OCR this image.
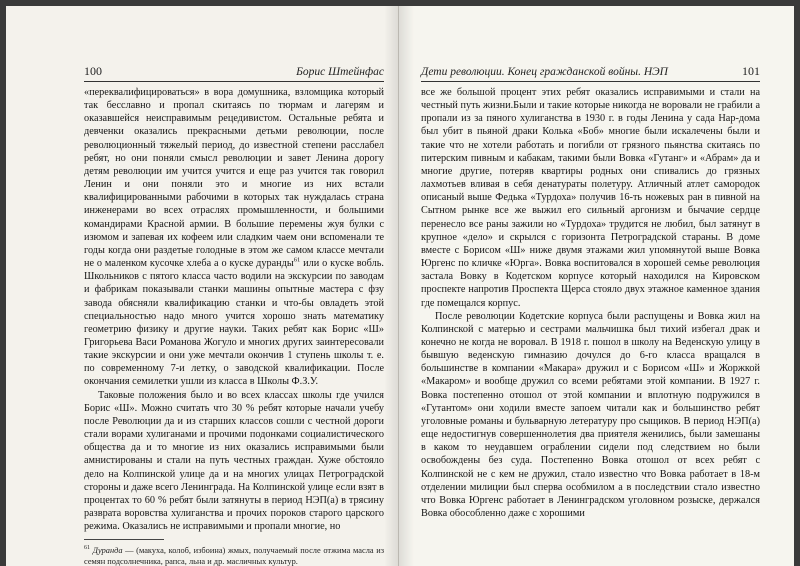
100	Борис Штейнфас

«переквалифицироваться» в вора домушника, взломщика который так бесславно и пропал скитаясь по тюрмам и лагерям и оказавшейся неисправимым рецедивистом. Остальные ребята и девченки оказались прекрасными детьми революции, после революционный тяжелый период, до известной степени расслабел ребят, но они поняли смысл революции и завет Ленина дорогу детям революции им учится учится и еще раз учится так говорил Ленин и они поняли это и многие из них встали квалифицированными рабочими в которых так нуждалась страна инженерами во всех отраслях промышленности, и большими командирами Красной армии. В большие перемены жуя булки с изюмом и запевая их кофеем или сладким чаем они вспоменали те годы когда они раздетые голодные в этом же самом классе мечтали не о маленком кусочке хлеба а о куске дуранды$^{61}$ или о куске вобль. Школьников с пятого класса часто водили на экскурсии по заводам и фабрикам показывали станки машины опытные мастера с фзу завода обясняли квалификацию станки и что-бы овладеть этой специальностью надо много учится хорошо знать математику геометрию физику и другие науки. Таких ребят как Борис «Ш» Григорьева Васи Романова Жогуло и многих других заинтересовали такие экскурсии и они уже мечтали окончив 1 ступень школы т. е. по современному 7-и летку, о заводской квалификации. После окончания семилетки ушли из класса в Школы Ф.З.У.

Таковые положения было и во всех классах школы где учился Борис «Ш». Можно считать что 30 % ребят которые начали учебу после Революции да и из старших классов сошли с честной дороги стали ворами хулиганами и прочими подонками социалистического общества да и то многие из них оказались исправимыми были амнистированы и стали на путь честных граждан. Хуже обстояло дело на Колпинской улице да и на многих улицах Петроградской стороны и даже всего Ленинграда. На Колпинской улице если взят в процентах то 60 % ребят были затянуты в период НЭП(а) в трясину разврата воровства хулиганства и прочих пороков старого царского режима. Оказались не исправимыми и пропали многие, но

$^{61}$ Дуранда — (макуха, колоб, избоина) жмых, получаемый после отжима масла из семян подсолнечника, рапса, льна и др. масличных культур.
Дети революции. Конец гражданской войны. НЭП	101

все же большой процент этих ребят оказались исправимыми и стали на честный путь жизни.Были и такие которые никогда не воровали не грабили а пропали из за пяного хулиганства в 1930 г. в годы Ленина у сада Нар-дома был убит в пьяной драки Колька «Боб» многие были искалечены были и такие что не хотели работать и погибли от грязного пьянства скитаясь по питерским пивным и кабакам, такими были Вовка «Гутанг» и «Абрам» да и многие другие, потеряв квартиры родных они спивались до грязных лахмотьев вливая в себя денатураты полетуру. Атличный атлет самородок описаный выше Федька «Турдоха» получив 16-ть ножевых ран в пивной на Сытном рынке все же выжил его сильный аргонизм и бычачие сердце перенесло все раны зажили но «Турдоха» трудится не любил, был затянут в крупное «дело» и скрылся с горизонта Петроградской стараны. В доме вместе с Борисом «Ш» ниже двумя этажами жил упомянутой выше Вовка Юргенс по кличке «Юрга». Вовка воспитовался в хорошей семье революция застала Вовку в Кодетском корпусе который находился на Кировском проспекте напротив Проспекта Щерса стояло двух этажное каменное здания где помещался корпус.

После революции Кодетские корпуса были распущены и Вовка жил на Колпинской с матерью и сестрами мальчишка был тихий избегал драк и конечно не когда не воровал. В 1918 г. пошол в школу на Веденскую улицу в бывшую веденскую гимназию дочулся до 6-го класса вращался в большинстве в компании «Макара» дружил и с Борисом «Ш» и Жоржкой «Макаром» и вообще дружил со всеми ребятами этой компании. В 1927 г. Вовка постепенно отошол от этой компании и вплотную подружился в «Гутантом» они ходили вместе запоем читали как и большинство ребят уголовные романы и бульварную летературу про сыщиков. В период НЭП(а) еще недостигнув совершеннолетия два приятеля женились, были замешаны в каком то неудавшем ограблении сидели под следствием но были освобождены без суда. Постепенно Вовка отошол от всех ребят с Колпинской не с кем не дружил, стало известно что Вовка работает в 18-м отделении милиции был сперва особмилом а в последствии стало известно что Вовка Юргенс работает в Ленинградском уголовном розыске, держался Вовка обособленно даже с хорошими
